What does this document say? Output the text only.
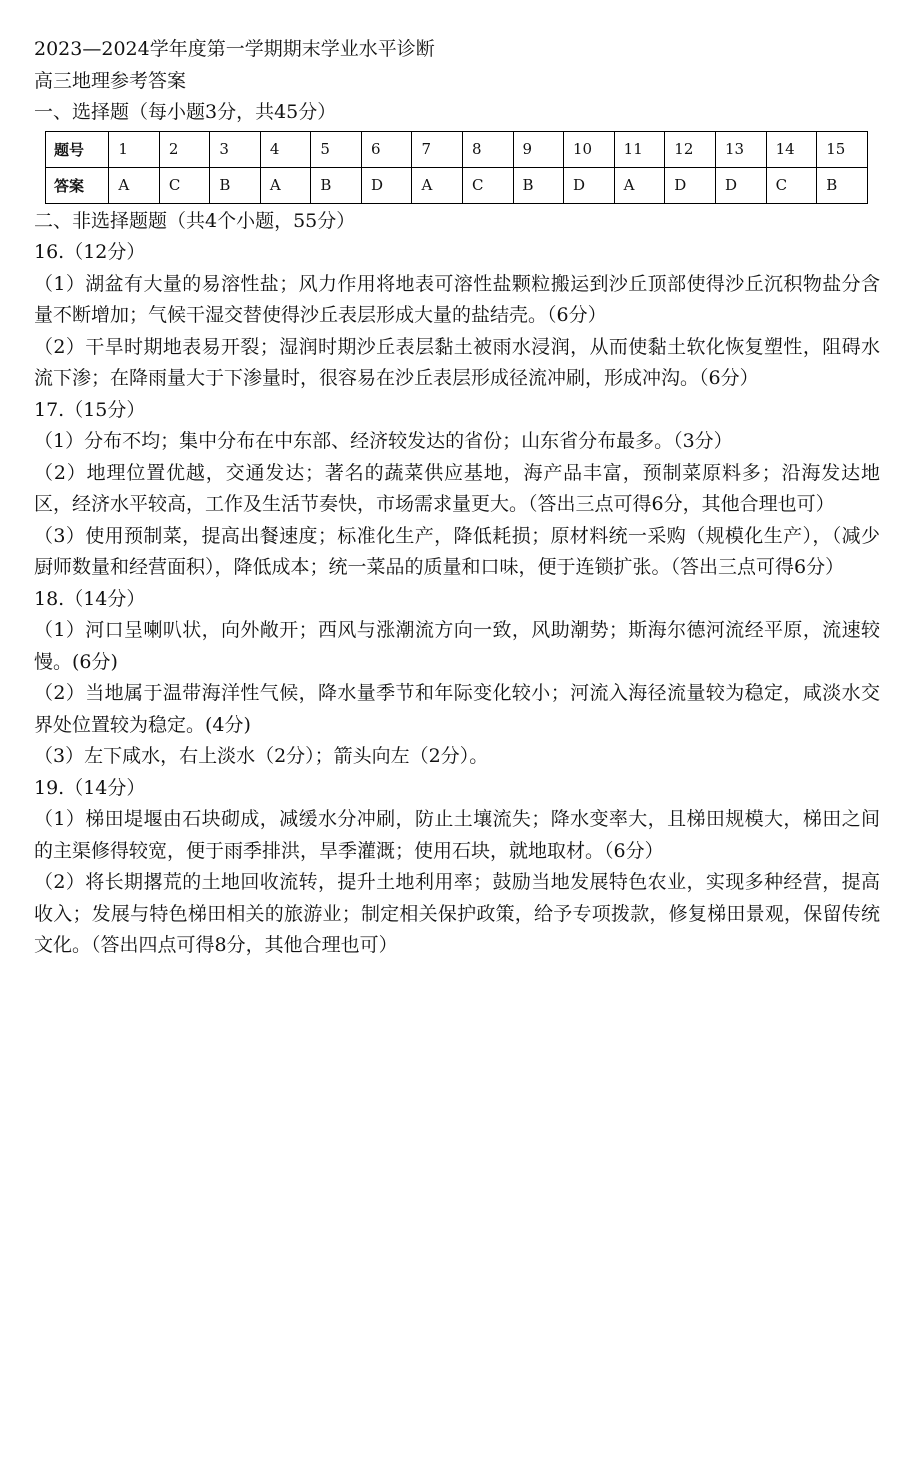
2023—2024学年度第一学期期末学业水平诊断
高三地理参考答案
一、选择题（每小题3分，共45分）
题号	1	2	3	4	5	6	7	8	9	10	11	12	13	14	15
答案	A	C	B	A	B	D	A	C	B	D	A	D	D	C	B
二、非选择题题（共4个小题，55分）
16.（12分）
（1）湖盆有大量的易溶性盐；风力作用将地表可溶性盐颗粒搬运到沙丘顶部使得沙丘沉积物盐分含量不断增加；气候干湿交替使得沙丘表层形成大量的盐结壳。（6分）
（2）干旱时期地表易开裂；湿润时期沙丘表层黏土被雨水浸润，从而使黏土软化恢复塑性，阻碍水流下渗；在降雨量大于下渗量时，很容易在沙丘表层形成径流冲刷，形成冲沟。（6分）
17.（15分）
（1）分布不均；集中分布在中东部、经济较发达的省份；山东省分布最多。（3分）
（2）地理位置优越，交通发达；著名的蔬菜供应基地，海产品丰富，预制菜原料多；沿海发达地区，经济水平较高，工作及生活节奏快，市场需求量更大。（答出三点可得6分，其他合理也可）
（3）使用预制菜，提高出餐速度；标准化生产，降低耗损；原材料统一采购（规模化生产），（减少厨师数量和经营面积），降低成本；统一菜品的质量和口味，便于连锁扩张。（答出三点可得6分）
18.（14分）
（1）河口呈喇叭状，向外敞开；西风与涨潮流方向一致，风助潮势；斯海尔德河流经平原，流速较慢。(6分)
（2）当地属于温带海洋性气候，降水量季节和年际变化较小；河流入海径流量较为稳定，咸淡水交界处位置较为稳定。(4分)
（3）左下咸水，右上淡水（2分）；箭头向左（2分）。
19.（14分）
（1）梯田堤堰由石块砌成，减缓水分冲刷，防止土壤流失；降水变率大，且梯田规模大，梯田之间的主渠修得较宽，便于雨季排洪，旱季灌溉；使用石块，就地取材。（6分）
（2）将长期撂荒的土地回收流转，提升土地利用率；鼓励当地发展特色农业，实现多种经营，提高收入；发展与特色梯田相关的旅游业；制定相关保护政策，给予专项拨款，修复梯田景观，保留传统文化。（答出四点可得8分，其他合理也可）
